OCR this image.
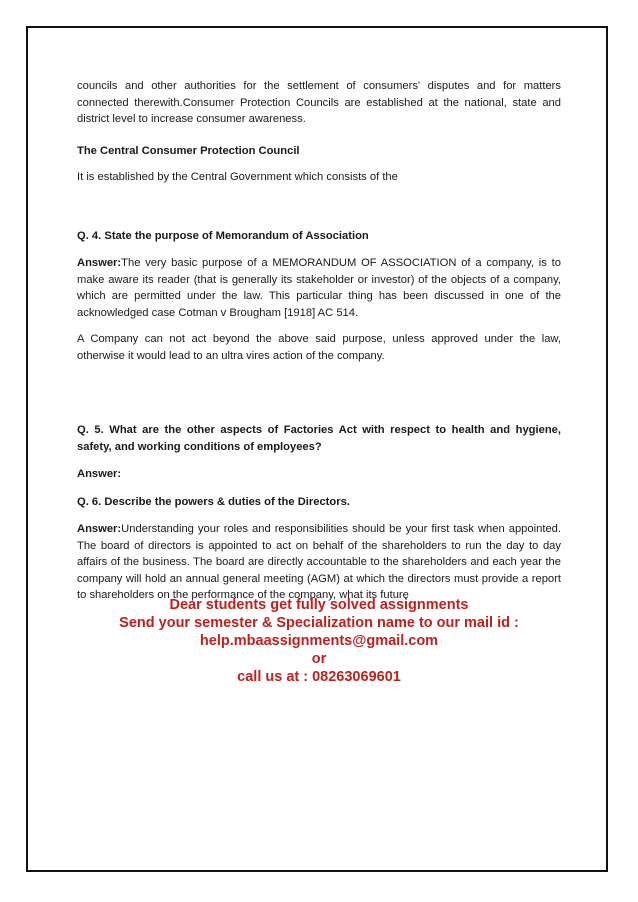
councils and other authorities for the settlement of consumers' disputes and for matters connected therewith.Consumer Protection Councils are established at the national, state and district level to increase consumer awareness.

The Central Consumer Protection Council

It is established by the Central Government which consists of the

Q. 4. State the purpose of Memorandum of Association

Answer:The very basic purpose of a MEMORANDUM OF ASSOCIATION of a company, is to make aware its reader (that is generally its stakeholder or investor) of the objects of a company, which are permitted under the law. This particular thing has been discussed in one of the acknowledged case Cotman v Brougham [1918] AC 514.

A Company can not act beyond the above said purpose, unless approved under the law, otherwise it would lead to an ultra vires action of the company.

Q. 5. What are the other aspects of Factories Act with respect to health and hygiene, safety, and working conditions of employees?

Answer:

Q. 6. Describe the powers & duties of the Directors.

Answer:Understanding your roles and responsibilities should be your first task when appointed. The board of directors is appointed to act on behalf of the shareholders to run the day to day affairs of the business. The board are directly accountable to the shareholders and each year the company will hold an annual general meeting (AGM) at which the directors must provide a report to shareholders on the performance of the company, what its future

Dear students get fully solved assignments
Send your semester & Specialization name to our mail id :
help.mbaassignments@gmail.com
or
call us at : 08263069601
